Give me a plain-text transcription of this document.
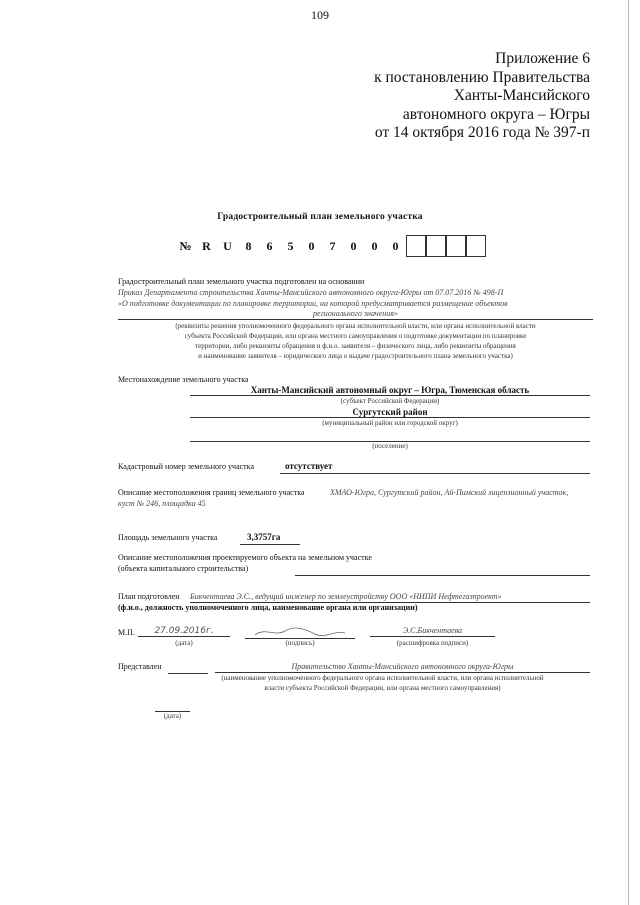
109
Приложение 6
к постановлению Правительства
Ханты-Мансийского
автономного округа – Югры
от 14 октября 2016 года № 397-п
Градостроительный план земельного участка
№ R	U	8	6	5	0	7	0	0	0
Градостроительный план земельного участка подготовлен на основании
Приказ Департамента строительства Ханты-Мансийского автономного округа-Югры от 07.07.2016 № 498-П
«О подготовке документации по планировке территории, на которой предусматривается размещение объектов
регионального значения»
(реквизиты решения уполномоченного федерального органа исполнительной власти, или органа исполнительной власти
субъекта Российской Федерации, или органа местного самоуправления о подготовке документации по планировке
территории, либо реквизиты обращения и ф.и.о. заявителя – физического лица, либо реквизиты обращения
и наименование заявителя – юридического лица о выдаче градостроительного плана земельного участка)
Местонахождение земельного участка
Ханты-Мансийский автономный округ – Югра, Тюменская область
(субъект Российской Федерации)
Сургутский район
(муниципальный район или городской округ)
(поселение)
Кадастровый номер земельного участка	отсутствует
Описание местоположения границ земельного участка	ХМАО-Югра, Сургутский район, Ай-Пимский лицензионный участок,
куст № 246, площадка 45
Площадь земельного участка	3,3757га
Описание местоположения проектируемого объекта на земельном участке
(объекта капитального строительства)
План подготовлен Бикчентаева Э.С., ведущий инженер по землеустройству ООО «НИПИ Нефтегазпроект»
(ф.и.о., должность уполномоченного лица, наименование органа или организации)
М.П.	27.09.2016г.
(дата)	(подпись)
Э.С.Бикчентаева
(расшифровка подписи)
Представлен	Правительство Ханты-Мансийского автономного округа-Югры
(наименование уполномоченного федерального органа исполнительной власти, или органа исполнительной
власти субъекта Российской Федерации, или органа местного самоуправления)
(дата)
